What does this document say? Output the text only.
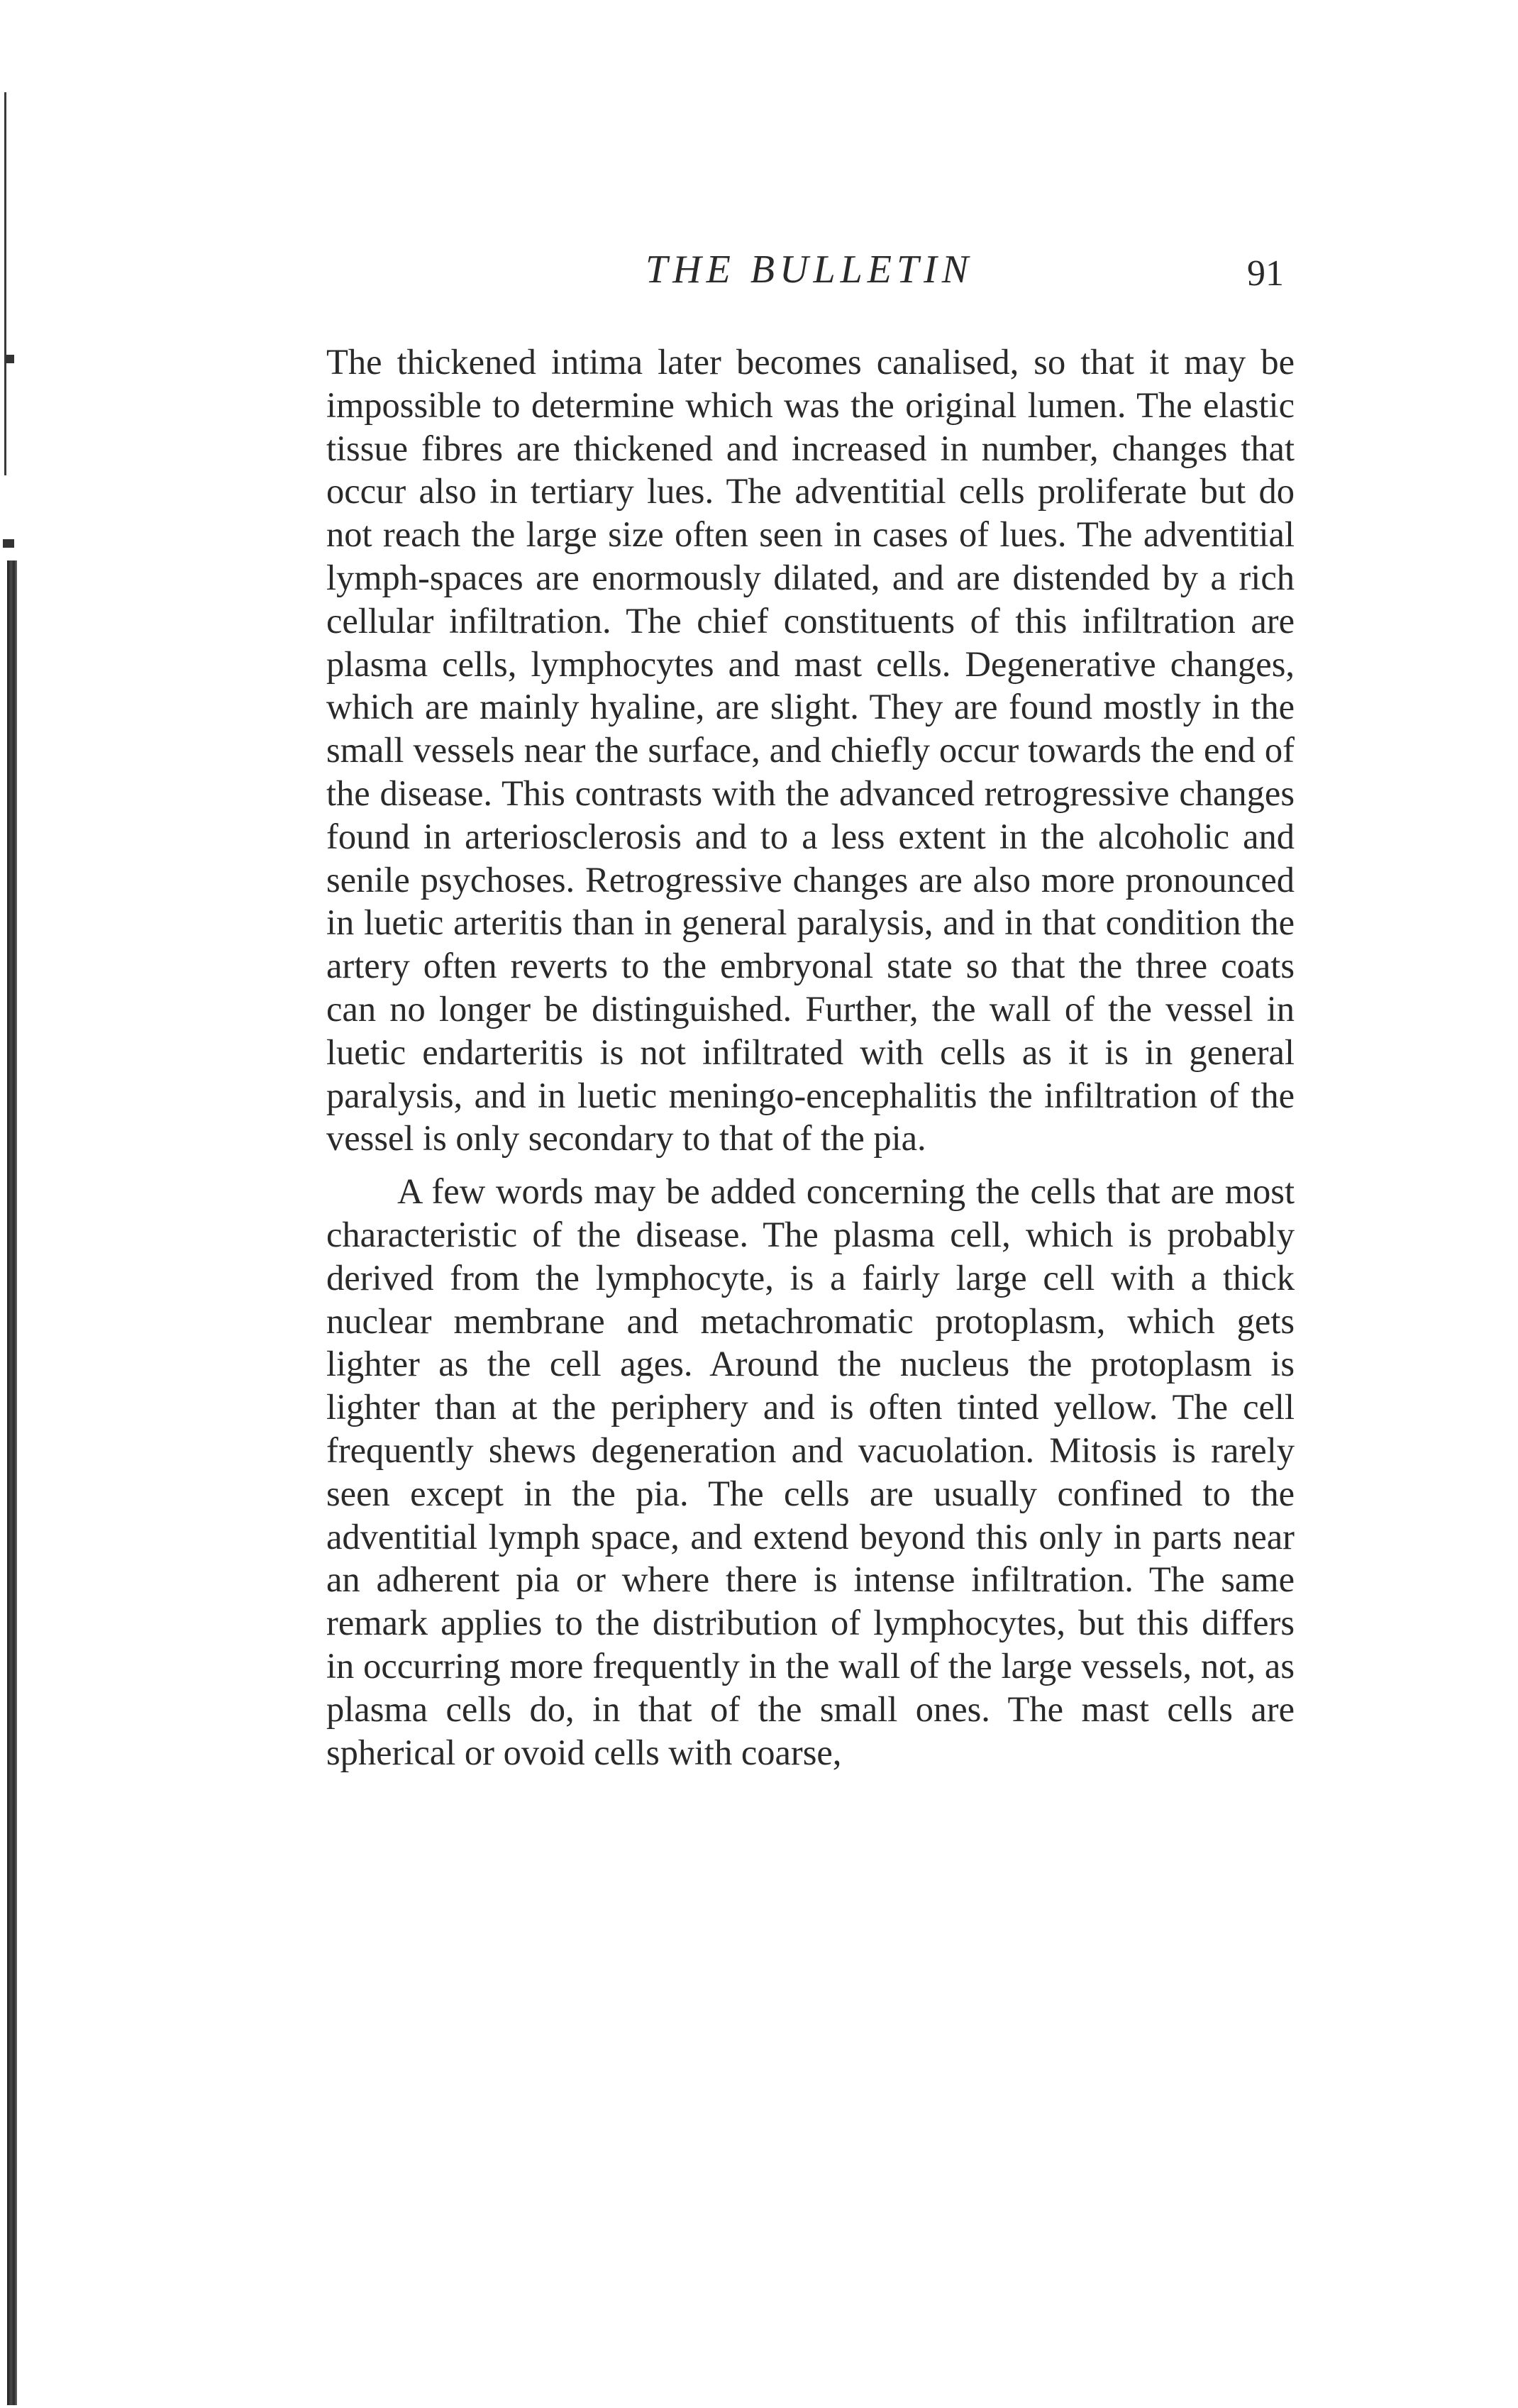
THE BULLETIN	91

The thickened intima later becomes canalised, so that it may be impossible to determine which was the original lumen. The elastic tissue fibres are thickened and increased in number, changes that occur also in tertiary lues. The adventitial cells proliferate but do not reach the large size often seen in cases of lues. The adventitial lymph-spaces are enormously dilated, and are distended by a rich cellular infiltration. The chief constituents of this infiltration are plasma cells, lymphocytes and mast cells. Degenerative changes, which are mainly hyaline, are slight. They are found mostly in the small vessels near the surface, and chiefly occur towards the end of the disease. This contrasts with the advanced retrogressive changes found in arteriosclerosis and to a less extent in the alcoholic and senile psychoses. Retrogressive changes are also more pronounced in luetic arteritis than in general paralysis, and in that condition the artery often reverts to the embryonal state so that the three coats can no longer be distinguished. Further, the wall of the vessel in luetic endarteritis is not infiltrated with cells as it is in general paralysis, and in luetic meningo-encephalitis the infiltration of the vessel is only secondary to that of the pia.

A few words may be added concerning the cells that are most characteristic of the disease. The plasma cell, which is probably derived from the lymphocyte, is a fairly large cell with a thick nuclear membrane and metachromatic protoplasm, which gets lighter as the cell ages. Around the nucleus the protoplasm is lighter than at the periphery and is often tinted yellow. The cell frequently shews degeneration and vacuolation. Mitosis is rarely seen except in the pia. The cells are usually confined to the adventitial lymph space, and extend beyond this only in parts near an adherent pia or where there is intense infiltration. The same remark applies to the distribution of lymphocytes, but this differs in occurring more frequently in the wall of the large vessels, not, as plasma cells do, in that of the small ones. The mast cells are spherical or ovoid cells with coarse,
